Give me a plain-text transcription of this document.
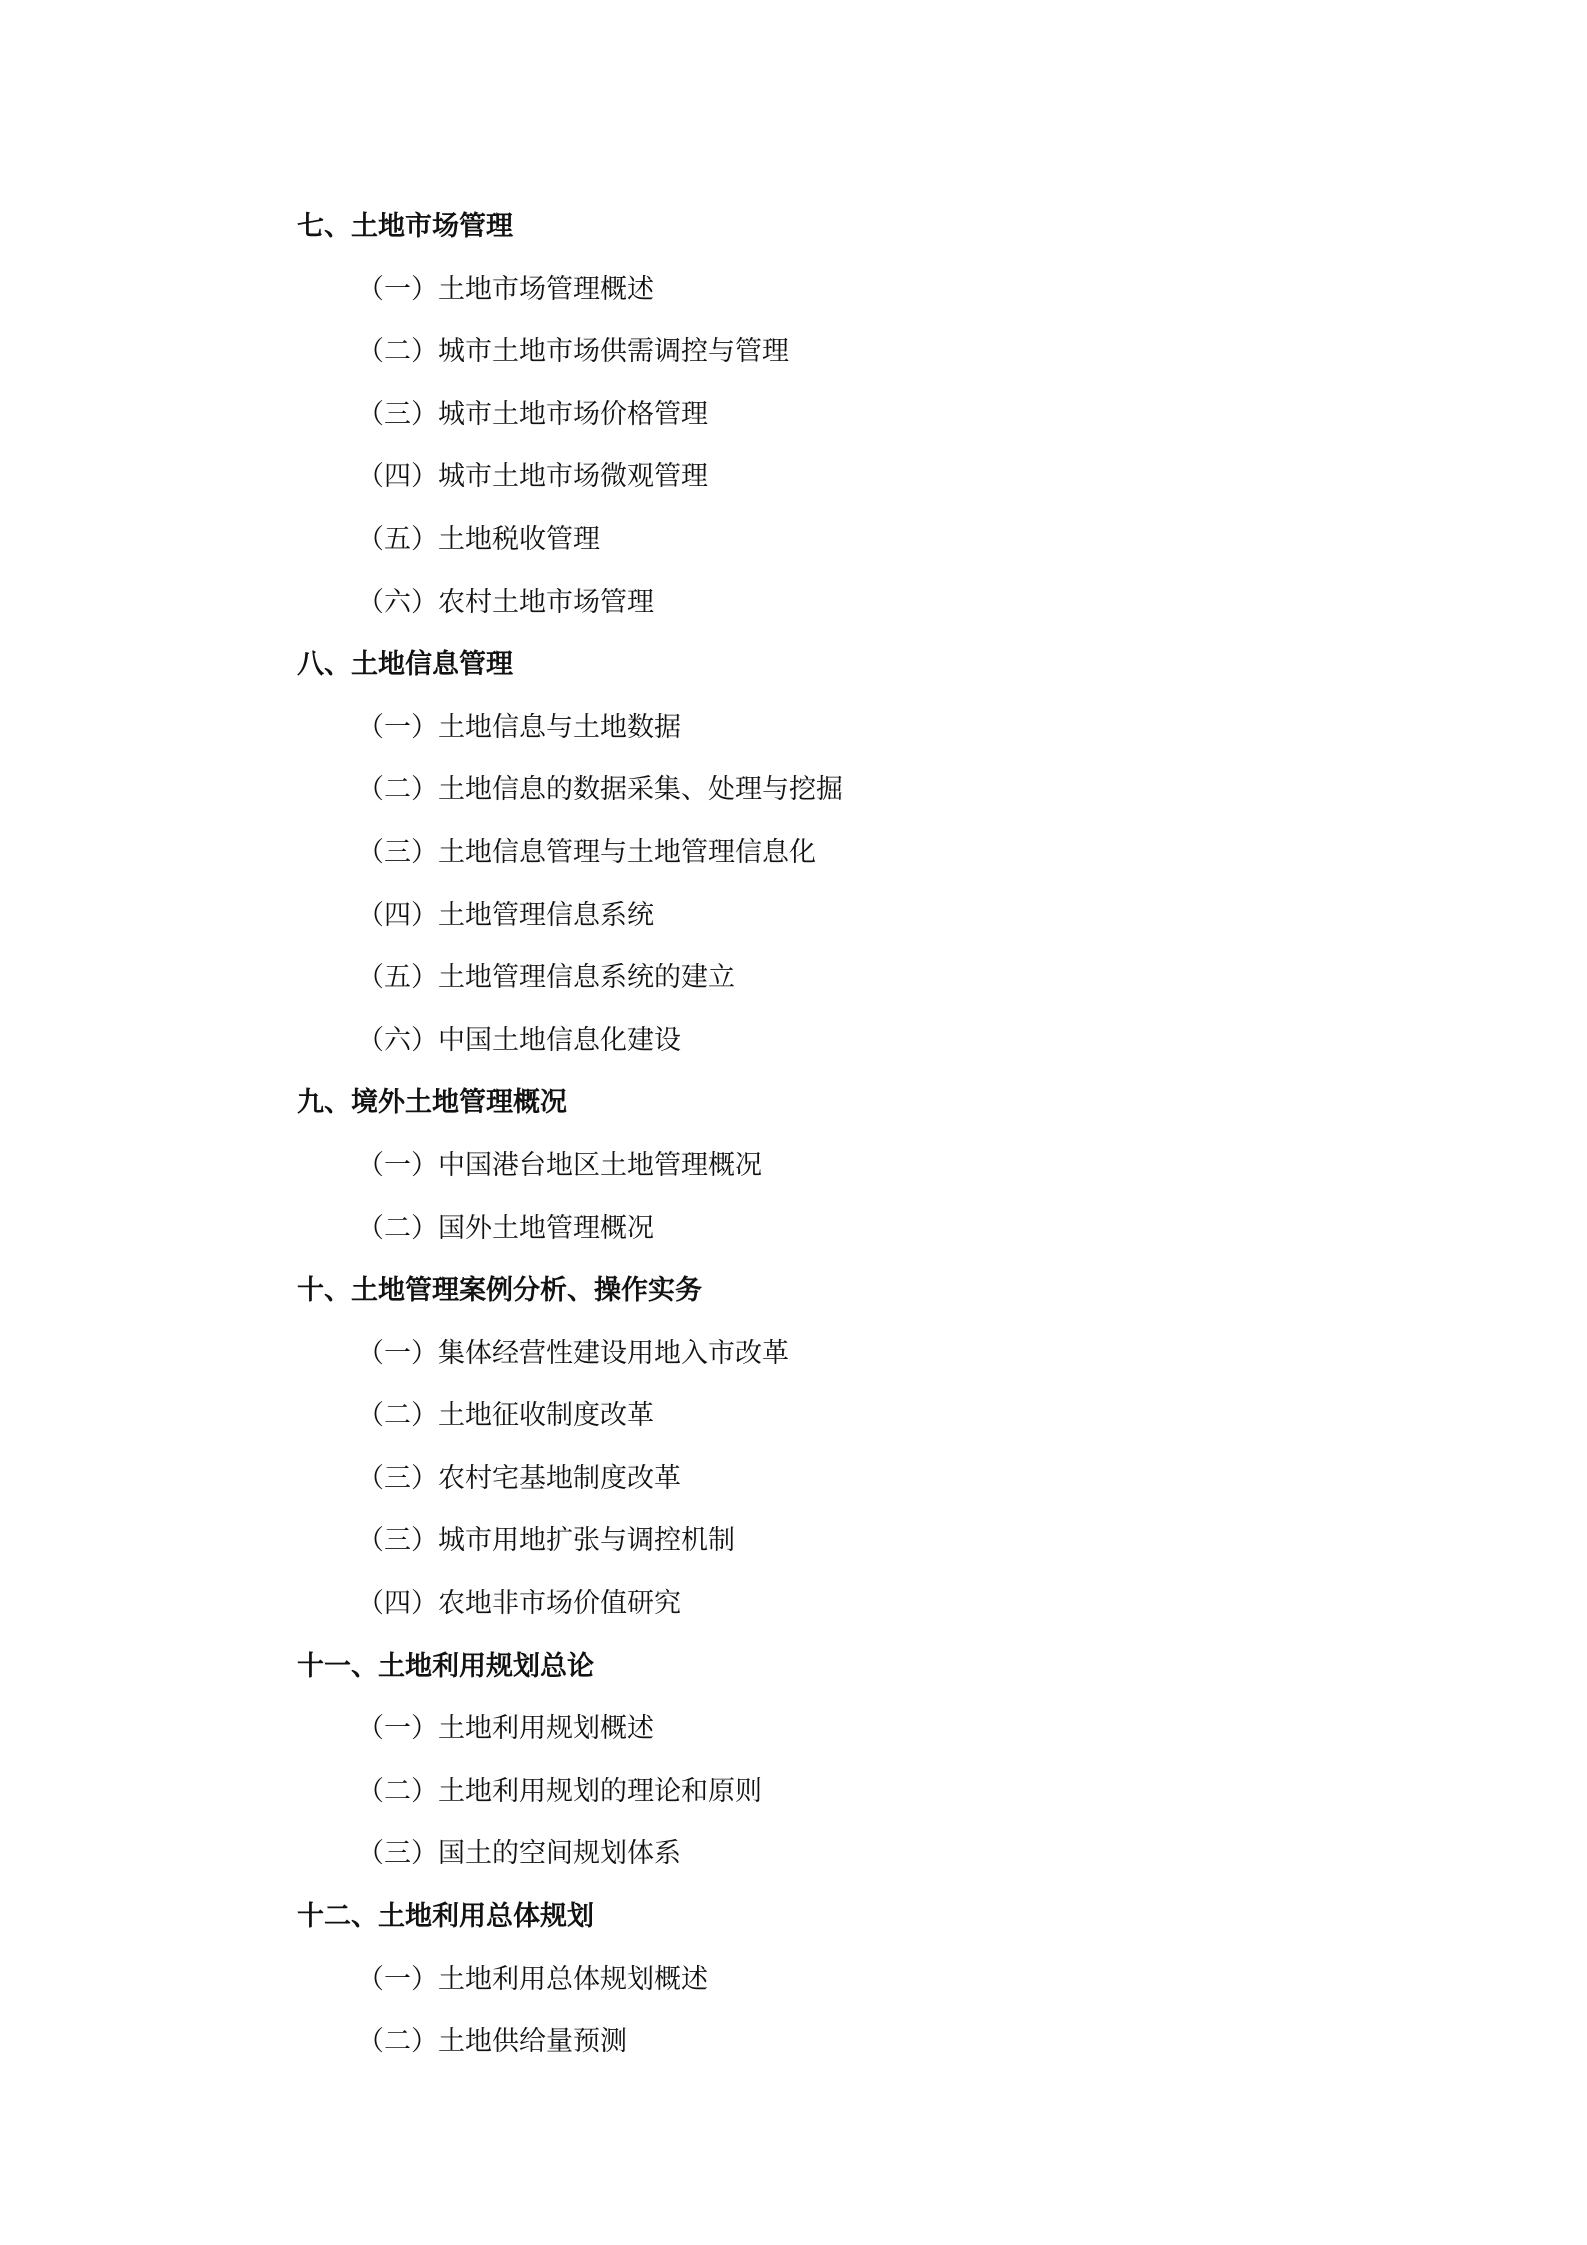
七、土地市场管理
（一）土地市场管理概述
（二）城市土地市场供需调控与管理
（三）城市土地市场价格管理
（四）城市土地市场微观管理
（五）土地税收管理
（六）农村土地市场管理
八、土地信息管理
（一）土地信息与土地数据
（二）土地信息的数据采集、处理与挖掘
（三）土地信息管理与土地管理信息化
（四）土地管理信息系统
（五）土地管理信息系统的建立
（六）中国土地信息化建设
九、境外土地管理概况
（一）中国港台地区土地管理概况
（二）国外土地管理概况
十、土地管理案例分析、操作实务
（一）集体经营性建设用地入市改革
（二）土地征收制度改革
（三）农村宅基地制度改革
（三）城市用地扩张与调控机制
（四）农地非市场价值研究
十一、土地利用规划总论
（一）土地利用规划概述
（二）土地利用规划的理论和原则
（三）国土的空间规划体系
十二、土地利用总体规划
（一）土地利用总体规划概述
（二）土地供给量预测
